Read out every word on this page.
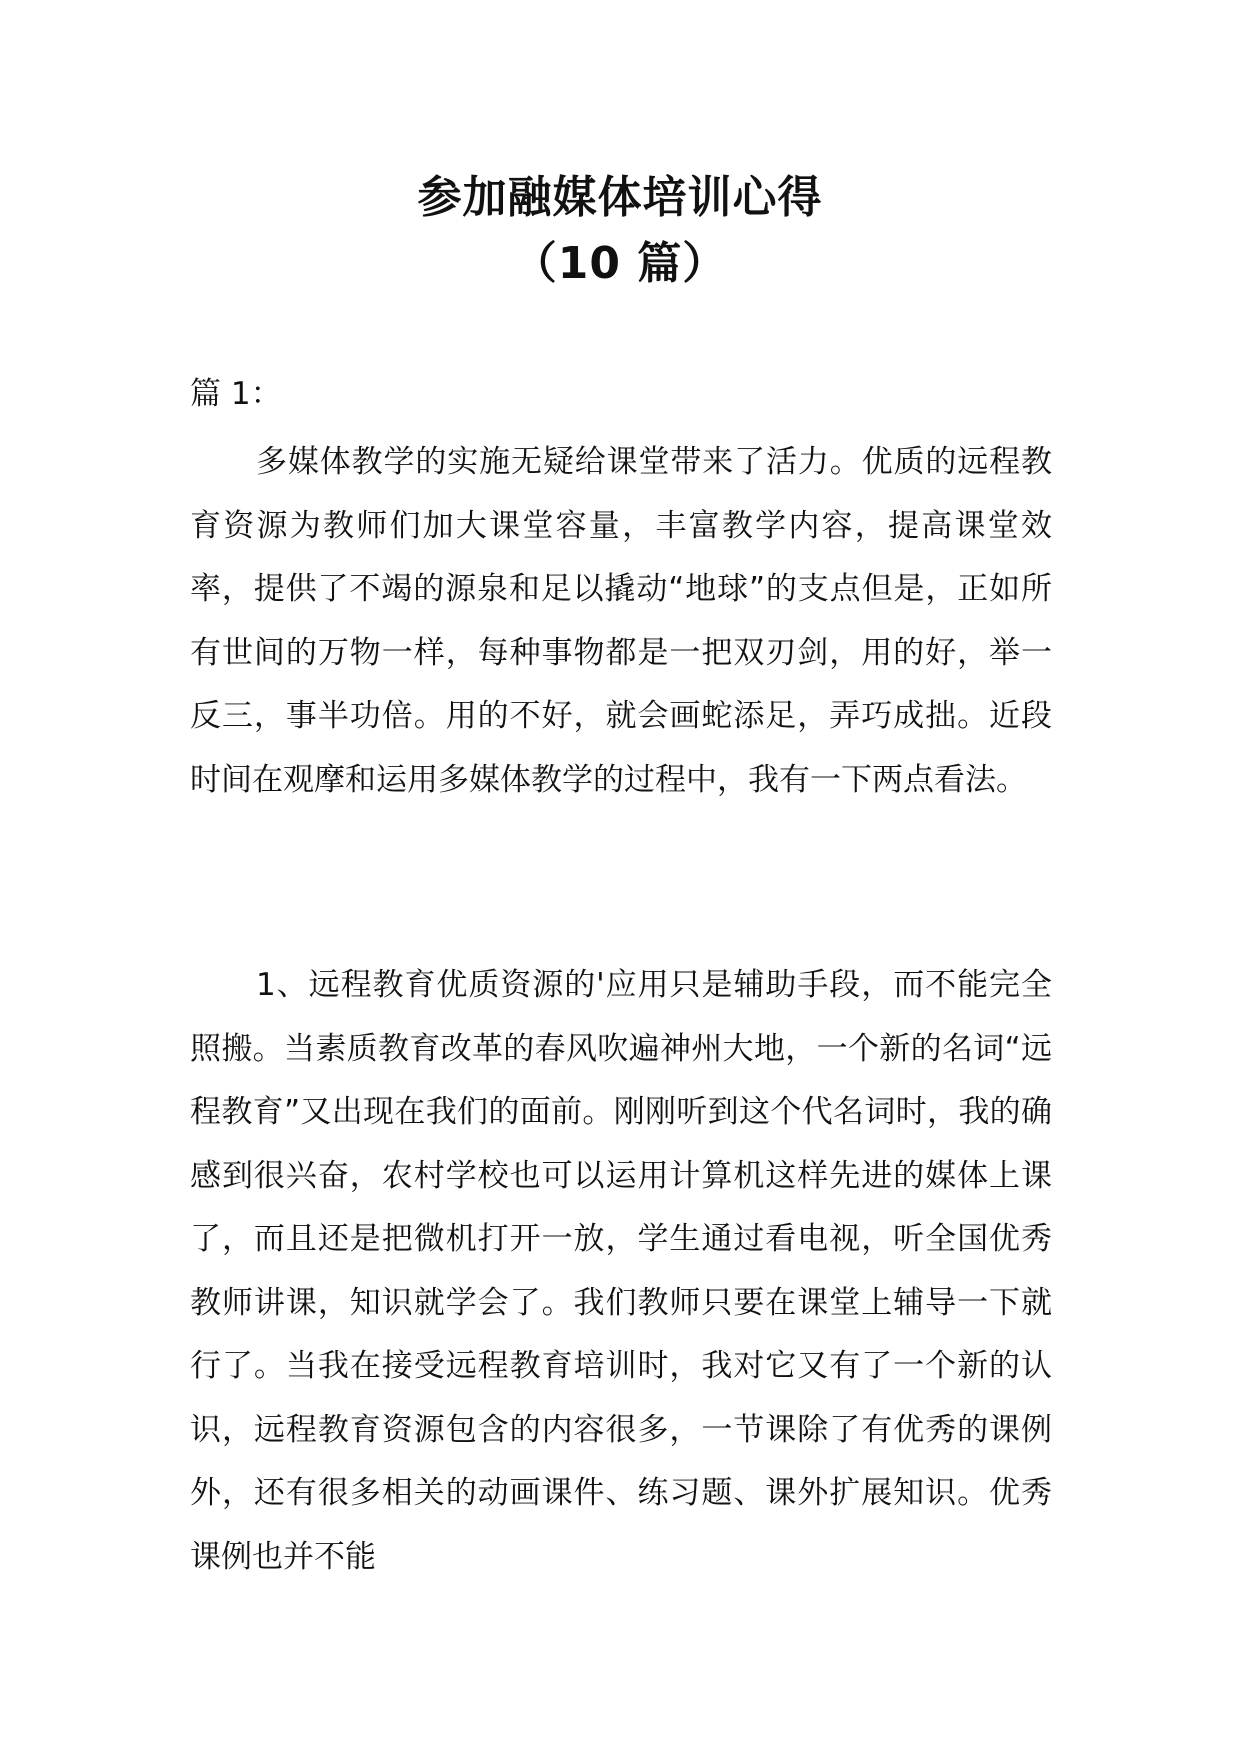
参加融媒体培训心得
（10 篇）

篇 1：

多媒体教学的实施无疑给课堂带来了活力。优质的远程教育资源为教师们加大课堂容量，丰富教学内容，提高课堂效率，提供了不竭的源泉和足以撬动“地球”的支点但是，正如所有世间的万物一样，每种事物都是一把双刃剑，用的好，举一反三，事半功倍。用的不好，就会画蛇添足，弄巧成拙。近段时间在观摩和运用多媒体教学的过程中，我有一下两点看法。

1、远程教育优质资源的'应用只是辅助手段，而不能完全照搬。当素质教育改革的春风吹遍神州大地，一个新的名词“远程教育”又出现在我们的面前。刚刚听到这个代名词时，我的确感到很兴奋，农村学校也可以运用计算机这样先进的媒体上课了，而且还是把微机打开一放，学生通过看电视，听全国优秀教师讲课，知识就学会了。我们教师只要在课堂上辅导一下就行了。当我在接受远程教育培训时，我对它又有了一个新的认识，远程教育资源包含的内容很多，一节课除了有优秀的课例外，还有很多相关的动画课件、练习题、课外扩展知识。优秀课例也并不能
